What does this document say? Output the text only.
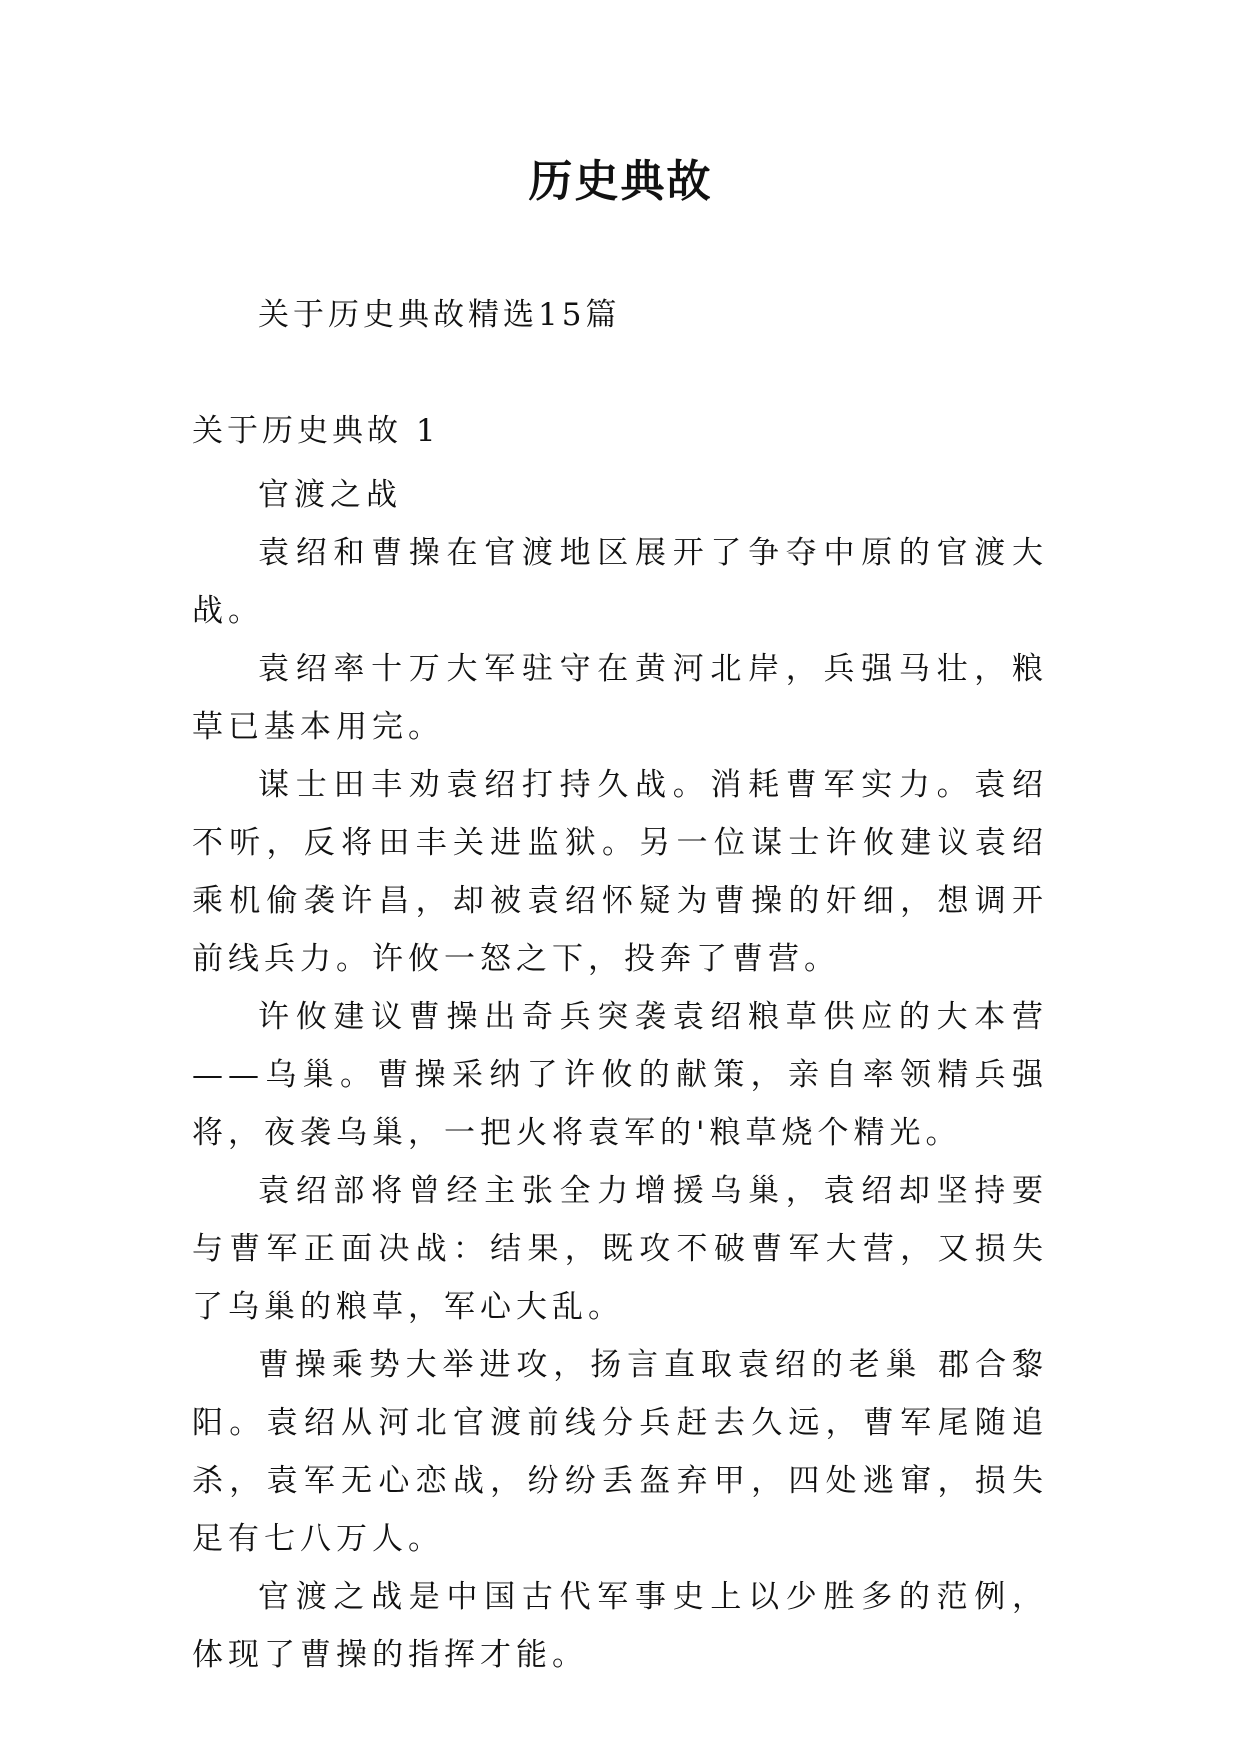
历史典故
关于历史典故精选15篇
关于历史典故 1

官渡之战

袁绍和曹操在官渡地区展开了争夺中原的官渡大战。

袁绍率十万大军驻守在黄河北岸，兵强马壮，粮草已基本用完。

谋士田丰劝袁绍打持久战。消耗曹军实力。袁绍不听，反将田丰关进监狱。另一位谋士许攸建议袁绍乘机偷袭许昌，却被袁绍怀疑为曹操的奸细，想调开前线兵力。许攸一怒之下，投奔了曹营。

许攸建议曹操出奇兵突袭袁绍粮草供应的大本营——乌巢。曹操采纳了许攸的献策，亲自率领精兵强将，夜袭乌巢，一把火将袁军的'粮草烧个精光。

袁绍部将曾经主张全力增援乌巢，袁绍却坚持要与曹军正面决战：结果，既攻不破曹军大营，又损失了乌巢的粮草，军心大乱。

曹操乘势大举进攻，扬言直取袁绍的老巢 郡合黎阳。袁绍从河北官渡前线分兵赶去久远，曹军尾随追杀，袁军无心恋战，纷纷丢盔弃甲，四处逃窜，损失足有七八万人。

官渡之战是中国古代军事史上以少胜多的范例，体现了曹操的指挥才能。
